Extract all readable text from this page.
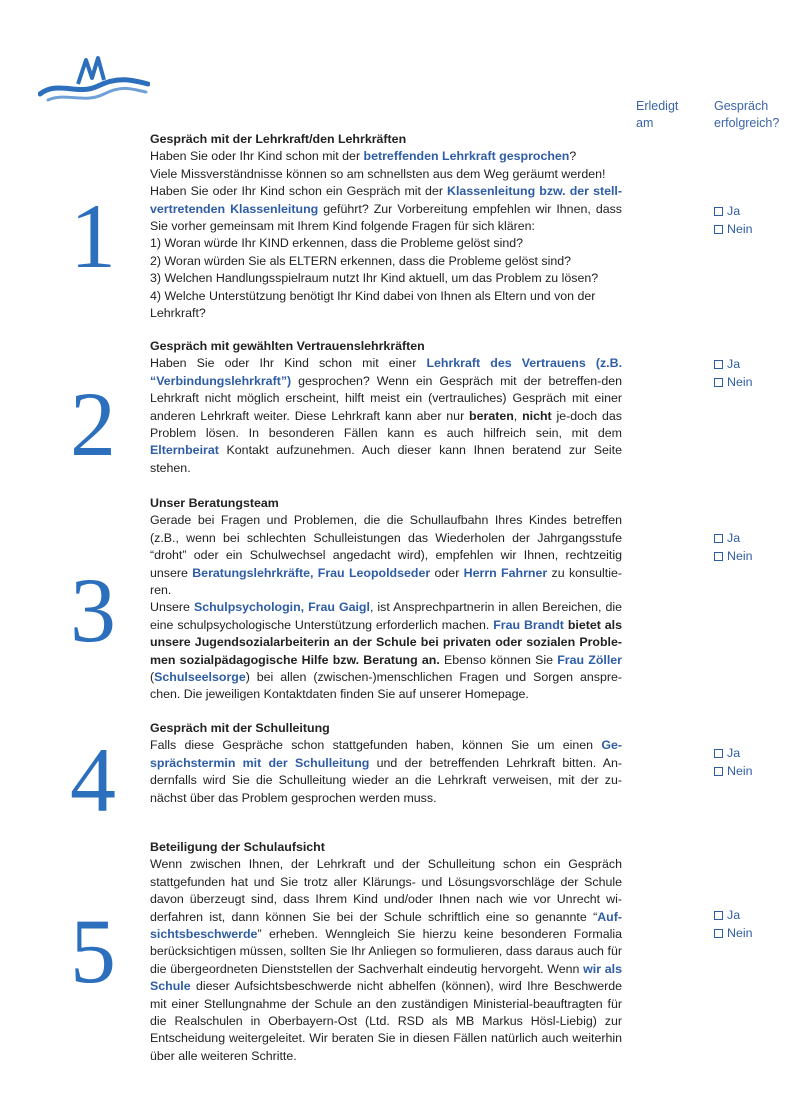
Erledigt am
Gespräch erfolgreich?
1
Gespräch mit der Lehrkraft/den Lehrkräften

Haben Sie oder Ihr Kind schon mit der betreffenden Lehrkraft gesprochen?

Viele Missverständnisse können so am schnellsten aus dem Weg geräumt werden!

Haben Sie oder Ihr Kind schon ein Gespräch mit der Klassenleitung bzw. der stell-vertretenden Klassenleitung geführt? Zur Vorbereitung empfehlen wir Ihnen, dass Sie vorher gemeinsam mit Ihrem Kind folgende Fragen für sich klären:

1) Woran würde Ihr KIND erkennen, dass die Probleme gelöst sind?

2) Woran würden Sie als ELTERN erkennen, dass die Probleme gelöst sind?

3) Welchen Handlungsspielraum nutzt Ihr Kind aktuell, um das Problem zu lösen?

4) Welche Unterstützung benötigt Ihr Kind dabei von Ihnen als Eltern und von der Lehrkraft?

Ja
Nein
2
Gespräch mit gewählten Vertrauenslehrkräften

Haben Sie oder Ihr Kind schon mit einer Lehrkraft des Vertrauens (z.B. “Verbindungslehrkraft”) gesprochen? Wenn ein Gespräch mit der betreffen-den Lehrkraft nicht möglich erscheint, hilft meist ein (vertrauliches) Gespräch mit einer anderen Lehrkraft weiter. Diese Lehrkraft kann aber nur beraten, nicht je-doch das Problem lösen. In besonderen Fällen kann es auch hilfreich sein, mit dem Elternbeirat Kontakt aufzunehmen. Auch dieser kann Ihnen beratend zur Seite stehen.

Ja
Nein
3
Unser Beratungsteam

Gerade bei Fragen und Problemen, die die Schullaufbahn Ihres Kindes betreffen (z.B., wenn bei schlechten Schulleistungen das Wiederholen der Jahrgangsstufe “droht” oder ein Schulwechsel angedacht wird), empfehlen wir Ihnen, rechtzeitig unsere Beratungslehrkräfte, Frau Leopoldseder oder Herrn Fahrner zu konsultie-ren.

Unsere Schulpsychologin, Frau Gaigl, ist Ansprechpartnerin in allen Bereichen, die eine schulpsychologische Unterstützung erforderlich machen. Frau Brandt bietet als unsere Jugendsozialarbeiterin an der Schule bei privaten oder sozialen Proble-men sozialpädagogische Hilfe bzw. Beratung an. Ebenso können Sie Frau Zöller (Schulseelsorge) bei allen (zwischen-)menschlichen Fragen und Sorgen anspre-chen. Die jeweiligen Kontaktdaten finden Sie auf unserer Homepage.

Ja
Nein
4
Gespräch mit der Schulleitung

Falls diese Gespräche schon stattgefunden haben, können Sie um einen Ge-sprächstermin mit der Schulleitung und der betreffenden Lehrkraft bitten. An-dernfalls wird Sie die Schulleitung wieder an die Lehrkraft verweisen, mit der zu-nächst über das Problem gesprochen werden muss.

Ja
Nein
5
Beteiligung der Schulaufsicht

Wenn zwischen Ihnen, der Lehrkraft und der Schulleitung schon ein Gespräch stattgefunden hat und Sie trotz aller Klärungs- und Lösungsvorschläge der Schule davon überzeugt sind, dass Ihrem Kind und/oder Ihnen nach wie vor Unrecht wi-derfahren ist, dann können Sie bei der Schule schriftlich eine so genannte “Auf-sichtsbeschwerde” erheben. Wenngleich Sie hierzu keine besonderen Formalia berücksichtigen müssen, sollten Sie Ihr Anliegen so formulieren, dass daraus auch für die übergeordneten Dienststellen der Sachverhalt eindeutig hervorgeht. Wenn wir als Schule dieser Aufsichtsbeschwerde nicht abhelfen (können), wird Ihre Beschwerde mit einer Stellungnahme der Schule an den zuständigen Ministerial-beauftragten für die Realschulen in Oberbayern-Ost (Ltd. RSD als MB Markus Hösl-Liebig) zur Entscheidung weitergeleitet. Wir beraten Sie in diesen Fällen natürlich auch weiterhin über alle weiteren Schritte.

Ja
Nein
